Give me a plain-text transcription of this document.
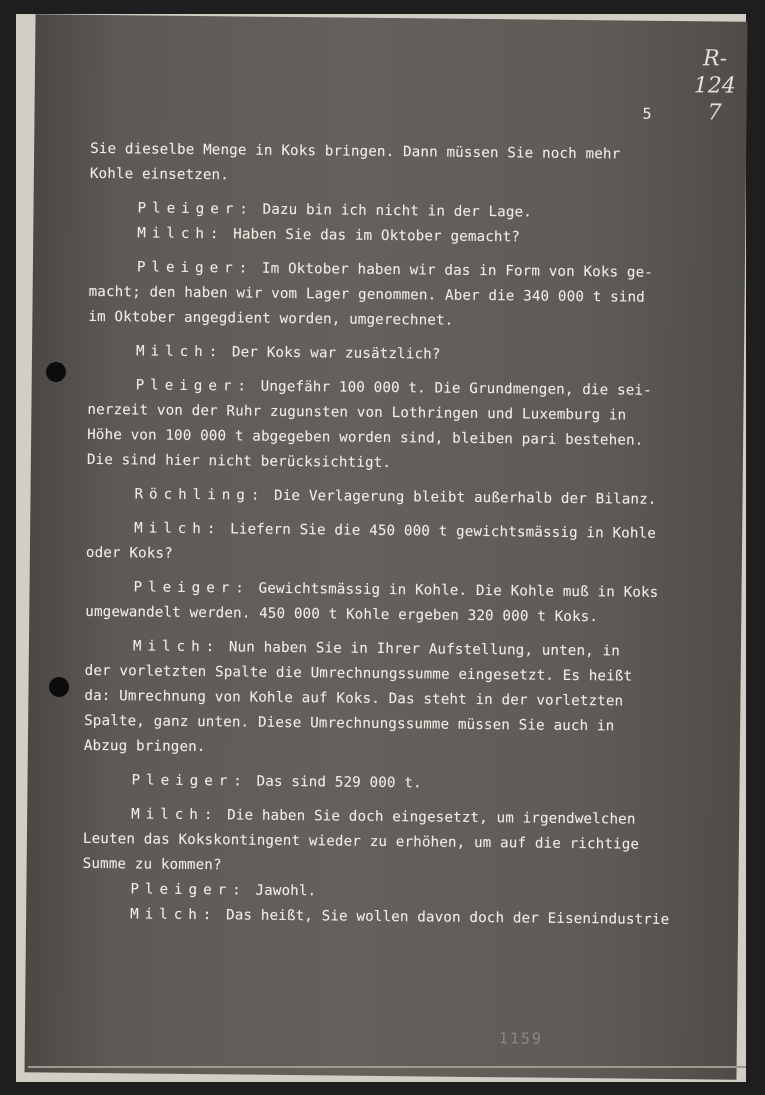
R-124
7
5
Sie dieselbe Menge in Koks bringen. Dann müssen Sie noch mehr
Kohle einsetzen.
Pleiger: Dazu bin ich nicht in der Lage.
Milch: Haben Sie das im Oktober gemacht?
Pleiger: Im Oktober haben wir das in Form von Koks ge-
macht; den haben wir vom Lager genommen. Aber die 340 000 t sind
im Oktober angegdient worden, umgerechnet.
Milch: Der Koks war zusätzlich?
Pleiger: Ungefähr 100 000 t. Die Grundmengen, die sei-
nerzeit von der Ruhr zugunsten von Lothringen und Luxemburg in
Höhe von 100 000 t abgegeben worden sind, bleiben pari bestehen.
Die sind hier nicht berücksichtigt.
Röchling: Die Verlagerung bleibt außerhalb der Bilanz.
Milch: Liefern Sie die 450 000 t gewichtsmässig in Kohle
oder Koks?
Pleiger: Gewichtsmässig in Kohle. Die Kohle muß in Koks
umgewandelt werden. 450 000 t Kohle ergeben 320 000 t Koks.
Milch: Nun haben Sie in Ihrer Aufstellung, unten, in
der vorletzten Spalte die Umrechnungssumme eingesetzt. Es heißt
da: Umrechnung von Kohle auf Koks. Das steht in der vorletzten
Spalte, ganz unten. Diese Umrechnungssumme müssen Sie auch in
Abzug bringen.
Pleiger: Das sind 529 000 t.
Milch: Die haben Sie doch eingesetzt, um irgendwelchen
Leuten das Kokskontingent wieder zu erhöhen, um auf die richtige
Summe zu kommen?
Pleiger: Jawohl.
Milch: Das heißt, Sie wollen davon doch der Eisenindustrie
1159
